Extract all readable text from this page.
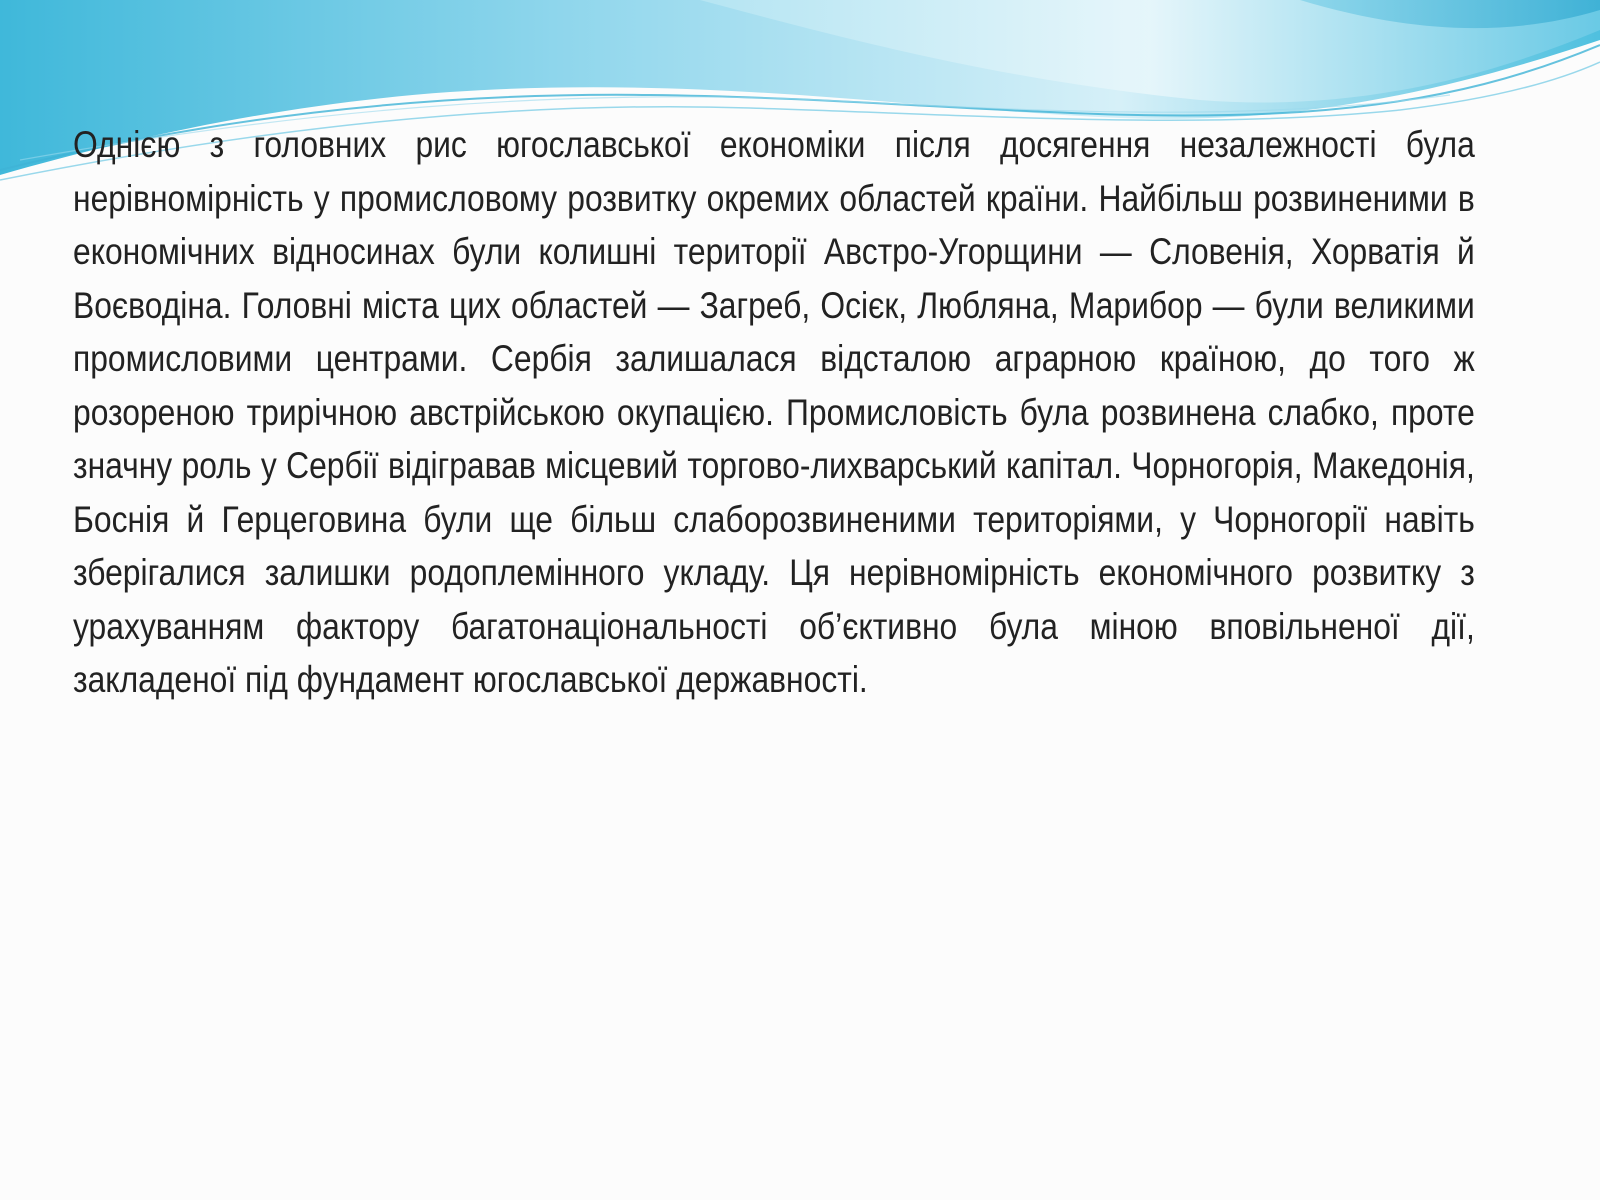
Однією з головних рис югославської економіки після досягення незалежності була нерівномірність у промисловому розвитку окремих областей країни. Найбільш розвиненими в економічних відносинах були колишні території Австро-Угорщини — Словенія, Хорватія й Воєводіна. Головні міста цих областей — Загреб, Осієк, Любляна, Марибор — були великими промисловими центрами. Сербія залишалася відсталою аграрною країною, до того ж розореною трирічною австрійською окупацією. Промисловість була розвинена слабко, проте значну роль у Сербії відігравав місцевий торгово-лихварський капітал. Чорногорія, Македонія, Боснія й Герцеговина були ще більш слаборозвиненими територіями, у Чорногорії навіть зберігалися залишки родоплемінного укладу. Ця нерівномірність економічного розвитку з урахуванням фактору багатонаціональності об’єктивно була міною вповільненої дії, закладеної під фундамент югославської державності.
